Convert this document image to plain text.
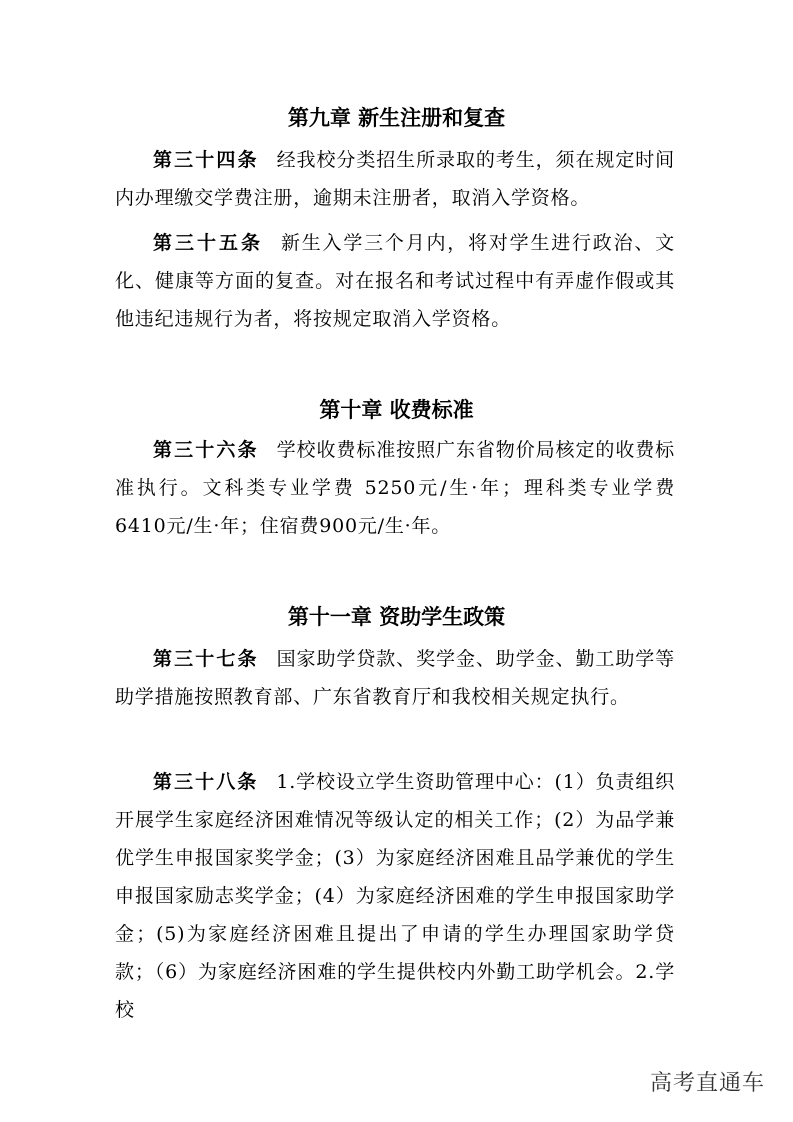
第九章 新生注册和复查

第三十四条 经我校分类招生所录取的考生，须在规定时间内办理缴交学费注册，逾期未注册者，取消入学资格。

第三十五条 新生入学三个月内，将对学生进行政治、文化、健康等方面的复查。对在报名和考试过程中有弄虚作假或其他违纪违规行为者，将按规定取消入学资格。

第十章 收费标准

第三十六条 学校收费标准按照广东省物价局核定的收费标准执行。文科类专业学费 5250元/生·年；理科类专业学费 6410元/生·年；住宿费900元/生·年。

第十一章 资助学生政策

第三十七条 国家助学贷款、奖学金、助学金、勤工助学等助学措施按照教育部、广东省教育厅和我校相关规定执行。

第三十八条 1.学校设立学生资助管理中心：(1）负责组织开展学生家庭经济困难情况等级认定的相关工作；(2）为品学兼优学生申报国家奖学金；(3）为家庭经济困难且品学兼优的学生申报国家励志奖学金；(4）为家庭经济困难的学生申报国家助学金；(5)为家庭经济困难且提出了申请的学生办理国家助学贷款；（6）为家庭经济困难的学生提供校内外勤工助学机会。2.学校

高考直通车
